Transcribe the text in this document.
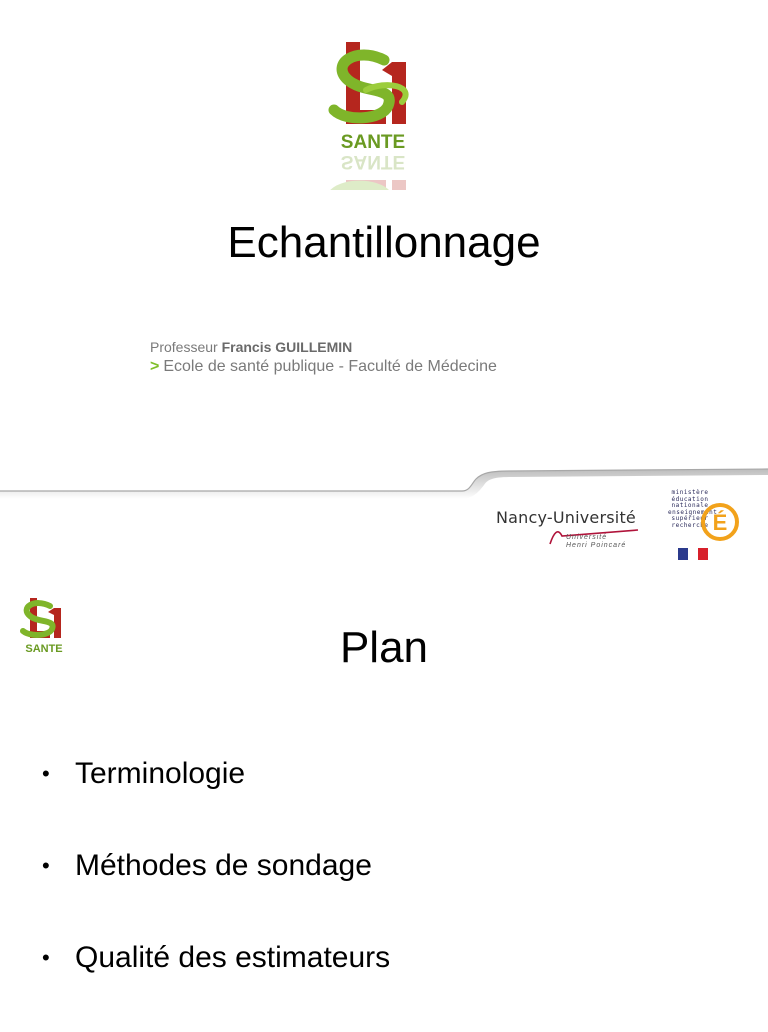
SANTE
SANTE
Echantillonnage
Professeur Francis GUILLEMIN
> Ecole de santé publique - Faculté de Médecine
Nancy-Université
Université
Henri Poincaré
ministère
éducation
nationale
enseignement
supérieur
recherche É
SANTE	Plan
• Terminologie
• Méthodes de sondage
• Qualité des estimateurs
